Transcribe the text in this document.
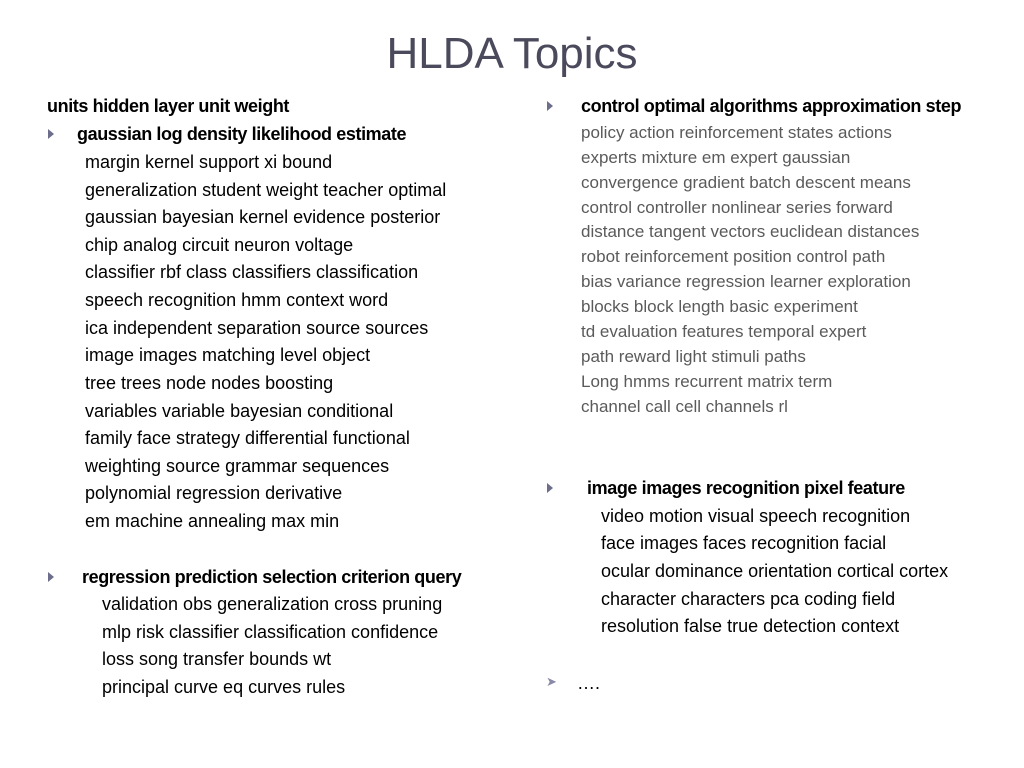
HLDA Topics
units hidden layer unit weight
gaussian log density likelihood estimate
margin kernel support xi bound
generalization student weight teacher optimal
gaussian bayesian kernel evidence posterior
chip analog circuit neuron voltage
classifier rbf class classifiers classification
speech recognition hmm context word
ica independent separation source sources
image images matching level object
tree trees node nodes boosting
variables variable bayesian conditional
family face strategy differential functional
weighting source grammar sequences
polynomial regression derivative
em machine annealing max min
regression prediction selection criterion query
validation obs generalization cross pruning
mlp risk classifier classification confidence
loss song transfer bounds wt
principal curve eq curves rules
control optimal algorithms approximation step
policy action reinforcement states actions
experts mixture em expert gaussian
convergence gradient batch descent means
control controller nonlinear series forward
distance tangent vectors euclidean distances
robot reinforcement position control path
bias variance regression learner exploration
blocks block length basic experiment
td evaluation features temporal expert
path reward light stimuli paths
Long hmms recurrent matrix term
channel call cell channels rl
image images recognition pixel feature
video motion visual speech recognition
face images faces recognition facial
ocular dominance orientation cortical cortex
character characters pca coding field
resolution false true detection context
➤ ….
